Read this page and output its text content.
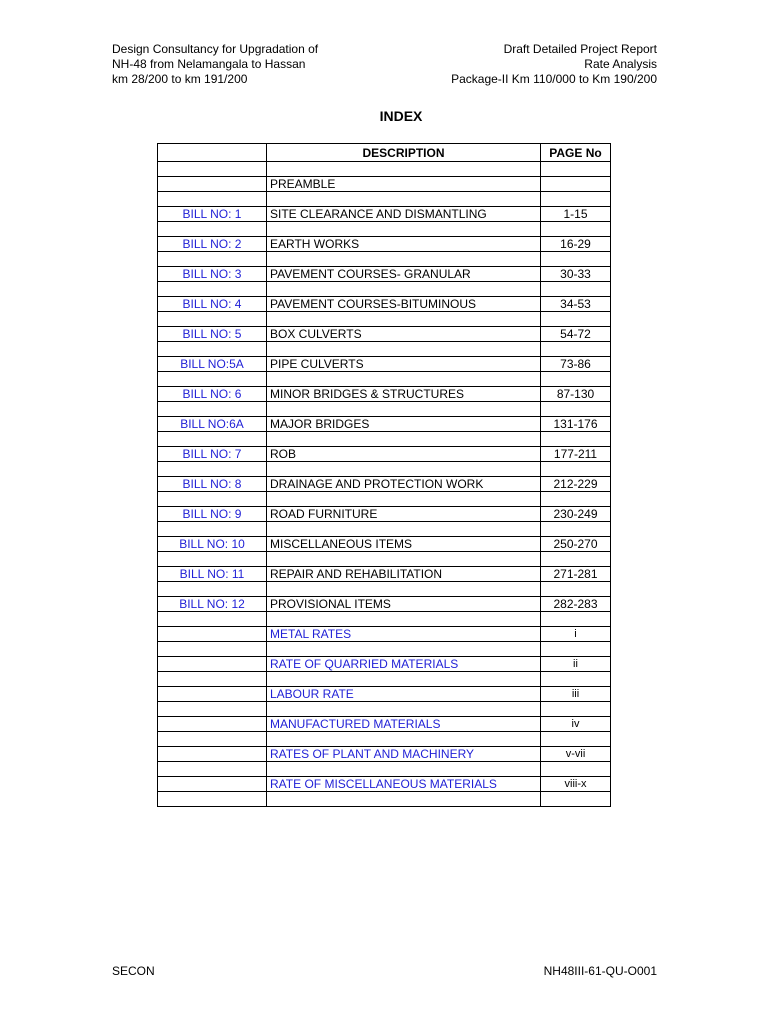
Design Consultancy for Upgradation of
NH-48 from Nelamangala to Hassan
km 28/200 to km 191/200
Draft Detailed Project Report
Rate Analysis
Package-II Km 110/000 to Km 190/200
INDEX
	DESCRIPTION	PAGE No

	PREAMBLE	

BILL NO: 1	SITE CLEARANCE AND DISMANTLING	1-15

BILL NO: 2	EARTH WORKS	16-29

BILL NO: 3	PAVEMENT COURSES- GRANULAR	30-33

BILL NO: 4	PAVEMENT COURSES-BITUMINOUS	34-53

BILL NO: 5	BOX CULVERTS	54-72

BILL NO:5A	PIPE CULVERTS	73-86

BILL NO: 6	MINOR BRIDGES & STRUCTURES	87-130

BILL NO:6A	MAJOR BRIDGES	131-176

BILL NO: 7	ROB	177-211

BILL NO: 8	DRAINAGE AND PROTECTION WORK	212-229

BILL NO: 9	ROAD FURNITURE	230-249

BILL NO: 10	MISCELLANEOUS ITEMS	250-270

BILL NO: 11	REPAIR AND REHABILITATION	271-281

BILL NO: 12	PROVISIONAL ITEMS	282-283

	METAL RATES	i

	RATE OF QUARRIED MATERIALS	ii

	LABOUR RATE	iii

	MANUFACTURED MATERIALS	iv

	RATES OF PLANT AND MACHINERY	v-vii

	RATE OF MISCELLANEOUS MATERIALS	viii-x

SECON	NH48III-61-QU-O001
